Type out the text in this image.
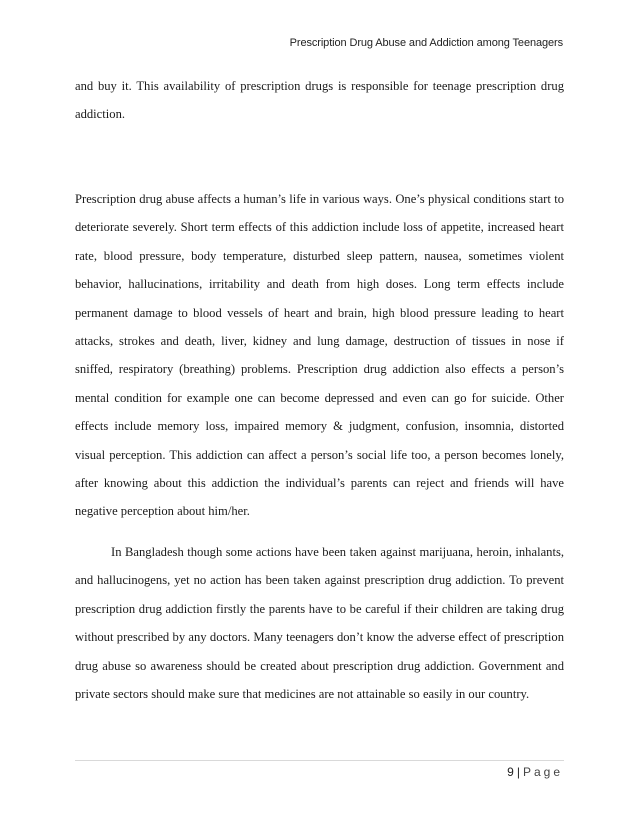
Prescription Drug Abuse and Addiction among Teenagers

and buy it. This availability of prescription drugs is responsible for teenage prescription drug addiction.

Prescription drug abuse affects a human’s life in various ways. One’s physical conditions start to deteriorate severely. Short term effects of this addiction include loss of appetite, increased heart rate, blood pressure, body temperature, disturbed sleep pattern, nausea, sometimes violent behavior, hallucinations, irritability and death from high doses. Long term effects include permanent damage to blood vessels of heart and brain, high blood pressure leading to heart attacks, strokes and death, liver, kidney and lung damage, destruction of tissues in nose if sniffed, respiratory (breathing) problems. Prescription drug addiction also effects a person’s mental condition for example one can become depressed and even can go for suicide. Other effects include memory loss, impaired memory & judgment, confusion, insomnia, distorted visual perception. This addiction can affect a person’s social life too, a person becomes lonely, after knowing about this addiction the individual’s parents can reject and friends will have negative perception about him/her.

In Bangladesh though some actions have been taken against marijuana, heroin, inhalants, and hallucinogens, yet no action has been taken against prescription drug addiction. To prevent prescription drug addiction firstly the parents have to be careful if their children are taking drug without prescribed by any doctors. Many teenagers don’t know the adverse effect of prescription drug abuse so awareness should be created about prescription drug addiction. Government and private sectors should make sure that medicines are not attainable so easily in our country.

9 | Page
